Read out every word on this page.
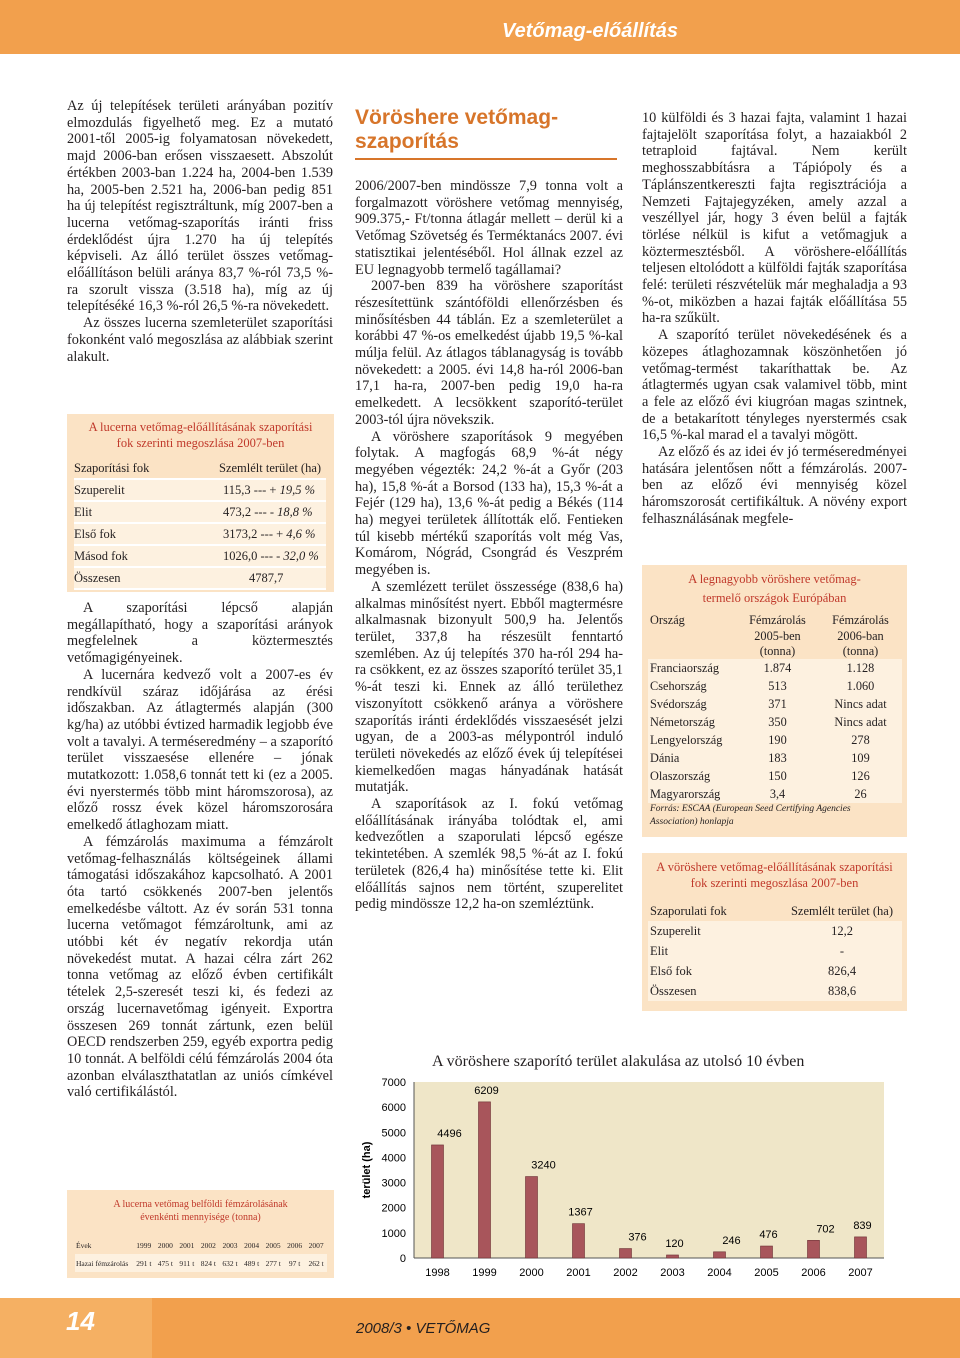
Vetőmag-előállítás

Az új telepítések területi arányában pozitív elmozdulás figyelhető meg. Ez a mutató 2001-től 2005-ig folyamatosan növekedett, majd 2006-ban erősen visszaesett. Abszolút értékben 2003-ban 1.224 ha, 2004-ben 1.539 ha, 2005-ben 2.521 ha, 2006-ban pedig 851 ha új telepítést regisztráltunk, míg 2007-ben a lucerna vetőmag-szaporítás iránti friss érdeklődést újra 1.270 ha új telepítés képviseli. Az álló terület összes vetőmag-előállításon belüli aránya 83,7 %-ról 73,5 %-ra szorult vissza (3.518 ha), míg az új telepítéséké 16,3 %-ról 26,5 %-ra növekedett.

Az összes lucerna szemleterület szaporítási fokonként való megoszlása az alábbiak szerint alakult.

A lucerna vetőmag-előállításának szaporítási fok szerinti megoszlása 2007-ben
Szaporítási fok	Szemlélt terület (ha)
Szuperelit	115,3 --- + 19,5 %
Elit	473,2 --- - 18,8 %
Első fok	3173,2 --- + 4,6 %
Másod fok	1026,0 --- - 32,0 %
Összesen	4787,7

A szaporítási lépcső alapján megállapítható, hogy a szaporítási arányok megfelelnek a köztermesztés vetőmagigényeinek.

A lucernára kedvező volt a 2007-es év rendkívül száraz időjárása az érési időszakban. Az átlagtermés alapján (300 kg/ha) az utóbbi évtized harmadik legjobb éve volt a tavalyi. A terméseredmény – a szaporító terület visszaesése ellenére – jónak mutatkozott: 1.058,6 tonnát tett ki (ez a 2005. évi nyerstermés több mint háromszorosa), az előző rossz évek közel háromszorosára emelkedő átlaghozam miatt.

A fémzárolás maximuma a fémzárolt vetőmag-felhasználás költségeinek állami támogatási időszakához kapcsolható. A 2001 óta tartó csökkenés 2007-ben jelentős emelkedésbe váltott. Az év során 531 tonna lucerna vetőmagot fémzároltunk, ami az utóbbi két év negatív rekordja után növekedést mutat. A hazai célra zárt 262 tonna vetőmag az előző évben certifikált tételek 2,5-szeresét teszi ki, és fedezi az ország lucernavetőmag igényeit. Exportra összesen 269 tonnát zártunk, ezen belül OECD rendszerben 259, egyéb exportra pedig 10 tonnát. A belföldi célú fémzárolás 2004 óta azonban elválaszthatatlan az uniós címkével való certifikálástól.

A lucerna vetőmag belföldi fémzárolásának évenkénti mennyisége (tonna)
Évek	1999	2000	2001	2002	2003	2004	2005	2006	2007
Hazai fémzárolás	291 t	475 t	911 t	824 t	632 t	489 t	277 t	97 t	262 t
Vöröshere vetőmag-
szaporítás

2006/2007-ben mindössze 7,9 tonna volt a forgalmazott vöröshere vetőmag mennyiség, 909.375,- Ft/tonna átlagár mellett – derül ki a Vetőmag Szövetség és Terméktanács 2007. évi statisztikai jelentéséből. Hol állnak ezzel az EU legnagyobb termelő tagállamai?

2007-ben 839 ha vöröshere szaporítást részesítettünk szántóföldi ellenőrzésben és minősítésben 44 táblán. Ez a szemleterület a korábbi 47 %-os emelkedést újabb 19,5 %-kal múlja felül. Az átlagos táblanagyság is tovább növekedett: a 2005. évi 14,8 ha-ról 2006-ban 17,1 ha-ra, 2007-ben pedig 19,0 ha-ra emelkedett. A lecsökkent szaporító-terület 2003-tól újra növekszik.

A vöröshere szaporítások 9 megyében folytak. A magfogás 68,9 %-át négy megyében végezték: 24,2 %-át a Győr (203 ha), 15,8 %-át a Borsod (133 ha), 15,3 %-át a Fejér (129 ha), 13,6 %-át pedig a Békés (114 ha) megyei területek állították elő. Fentieken túl kisebb mértékű szaporítás volt még Vas, Komárom, Nógrád, Csongrád és Veszprém megyében is.

A szemlézett terület összessége (838,6 ha) alkalmas minősítést nyert. Ebből magtermésre alkalmasnak bizonyult 500,9 ha. Jelentős terület, 337,8 ha részesült fenntartó szemlében. Az új telepítés 370 ha-ról 294 ha-ra csökkent, ez az összes szaporító terület 35,1 %-át teszi ki. Ennek az álló területhez viszonyított csökkenő aránya a vöröshere szaporítás iránti érdeklődés visszaesését jelzi ugyan, de a 2003-as mélypontról induló területi növekedés az előző évek új telepítései kiemelkedően magas hányadának hatását mutatják.

A szaporítások az I. fokú vetőmag előállításának irányába tolódtak el, ami kedvezőtlen a szaporulati lépcső egésze tekintetében. A szemlék 98,5 %-át az I. fokú területek (826,4 ha) minősítése tette ki. Elit előállítás sajnos nem történt, szuperelitet pedig mindössze 12,2 ha-on szemléztünk.

10 külföldi és 3 hazai fajta, valamint 1 hazai fajtajelölt szaporítása folyt, a hazaiakból 2 tetraploid fajtával. Nem került meghosszabbításra a Tápiópoly és a Táplánszentkereszti fajta regisztrációja a Nemzeti Fajtajegyzéken, amely azzal a veszéllyel jár, hogy 3 éven belül a fajták törlése nélkül is kifut a vetőmagjuk a köztermesztésből. A vöröshere-előállítás teljesen eltolódott a külföldi fajták szaporítása felé: területi részvételük már meghaladja a 93 %-ot, miközben a hazai fajták előállítása 55 ha-ra szűkült.

A szaporító terület növekedésének és a közepes átlaghozamnak köszönhetően jó vetőmag-termést takaríthattak be. Az átlagtermés ugyan csak valamivel több, mint a fele az előző évi kiugróan magas szintnek, de a betakarított tényleges nyerstermés csak 16,5 %-kal marad el a tavalyi mögött.

Az előző és az idei év jó terméseredményei hatására jelentősen nőtt a fémzárolás. 2007-ben az előző évi mennyiség közel háromszorosát certifikáltuk. A növény export felhasználásának megfele-

A legnagyobb vöröshere vetőmag-termelő országok Európában
Ország	Fémzárolás	Fémzárolás
	2005-ben (tonna)	2006-ban (tonna)
Franciaország	1.874	1.128
Csehország	513	1.060
Svédország	371	Nincs adat
Németország	350	Nincs adat
Lengyelország	190	278
Dánia	183	109
Olaszország	150	126
Magyarország	3,4	26
Forrás: ESCAA (European Seed Certifying Agencies Association) honlapja
A vöröshere vetőmag-előállításának szaporítási fok szerinti megoszlása 2007-ben
Szaporulati fok	Szemlélt terület (ha)
Szuperelit	12,2
Elit	-
Első fok	826,4
Összesen	838,6
A vöröshere szaporító terület alakulása az utolsó 10 évben
terület (ha)
0
1000
2000
3000
4000
5000
6000
7000
4496
1998
6209
1999
3240
2000
1367
2001
376
2002
120
2003
246
2004
476
2005
702
2006
839
2007
14	2008/3 • VETŐMAG
